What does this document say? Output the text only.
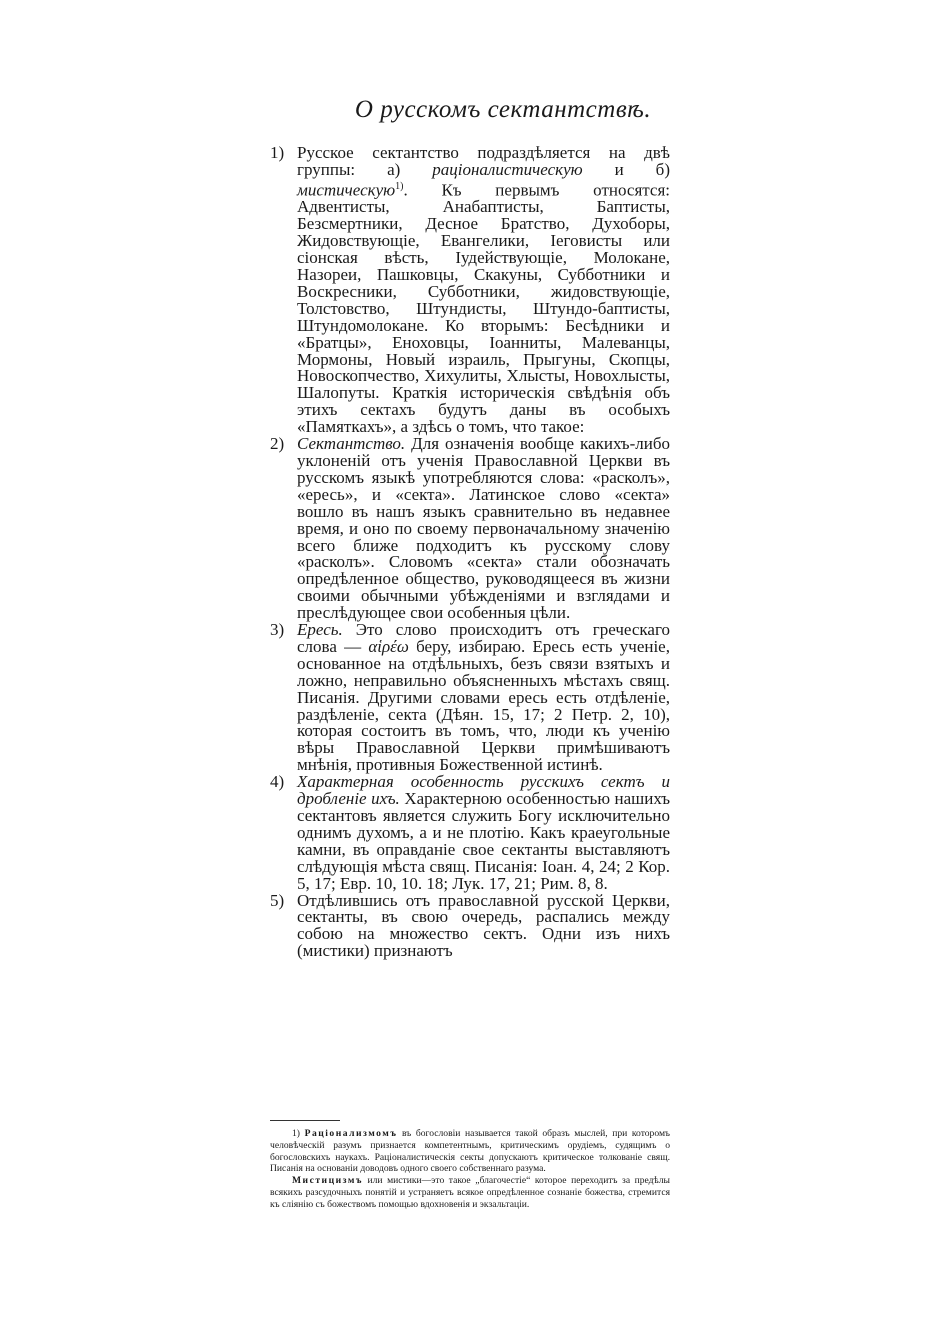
О русскомъ сектантствѣ.
1) Русское сектантство подраздѣляется на двѣ группы: а) раціоналистическую и б) мистическую$^{1)}$. Къ первымъ относятся: Адвентисты, Анабаптисты, Баптисты, Безсмертники, Десное Братство, Духоборы, Жидовствующіе, Евангелики, Іеговисты или сіонская вѣсть, Іудействующіе, Молокане, Назореи, Пашковцы, Скакуны, Субботники и Воскресники, Субботники, жидовствующіе, Толстовство, Штундисты, Штундо-баптисты, Штундомолокане. Ко вторымъ: Бесѣдники и «Братцы», Еноховцы, Іоанниты, Малеванцы, Мормоны, Новый израиль, Прыгуны, Скопцы, Новоскопчество, Хихулиты, Хлысты, Новохлысты, Шалопуты. Краткія историческія свѣдѣнія объ этихъ сектахъ будутъ даны въ особыхъ «Памяткахъ», а здѣсь о томъ, что такое:
2) Сектантство. Для означенія вообще какихъ-либо уклоненій отъ ученія Православной Церкви въ русскомъ языкѣ употребляются слова: «расколъ», «ересь», и «секта». Латинское слово «секта» вошло въ нашъ языкъ сравнительно въ недавнее время, и оно по своему первоначальному значенію всего ближе подходитъ къ русскому слову «расколъ». Словомъ «секта» стали обозначать опредѣленное общество, руководящееся въ жизни своими обычными убѣжденіями и взглядами и преслѣдующее свои особенныя цѣли.
3) Ересь. Это слово происходитъ отъ греческаго слова — αἱρέω беру, избираю. Ересь есть ученіе, основанное на отдѣльныхъ, безъ связи взятыхъ и ложно, неправильно объясненныхъ мѣстахъ свящ. Писанія. Другими словами ересь есть отдѣленіе, раздѣленіе, секта (Дѣян. 15, 17; 2 Петр. 2, 10), которая состоитъ въ томъ, что, люди къ ученію вѣры Православной Церкви примѣшиваютъ мнѣнія, противныя Божественной истинѣ.
4) Характерная особенность русскихъ сектъ и дробленіе ихъ. Характерною особенностью нашихъ сектантовъ является служить Богу исключительно однимъ духомъ, а и не плотію. Какъ краеугольные камни, въ оправданіе свое сектанты выставляютъ слѣдующія мѣста свящ. Писанія: Іоан. 4, 24; 2 Кор. 5, 17; Евр. 10, 10. 18; Лук. 17, 21; Рим. 8, 8.
5) Отдѣлившись отъ православной русской Церкви, сектанты, въ свою очередь, распались между собою на множество сектъ. Одни изъ нихъ (мистики) признаютъ

1) Раціонализмомъ въ богословіи называется такой образъ мыслей, при которомъ человѣческій разумъ признается компетентнымъ, критическимъ орудіемъ, судящимъ о богословскихъ наукахъ. Раціоналистическія секты допускаютъ критическое толкованіе свящ. Писанія на основаніи доводовъ одного своего собственнаго разума.

Мистицизмъ или мистики—это такое „благочестіе“ которое переходитъ за предѣлы всякихъ разсудочныхъ понятій и устраняетъ всякое опредѣленное сознаніе божества, стремится къ слiянію съ божествомъ помощью вдохновенія и экзальтаціи.
